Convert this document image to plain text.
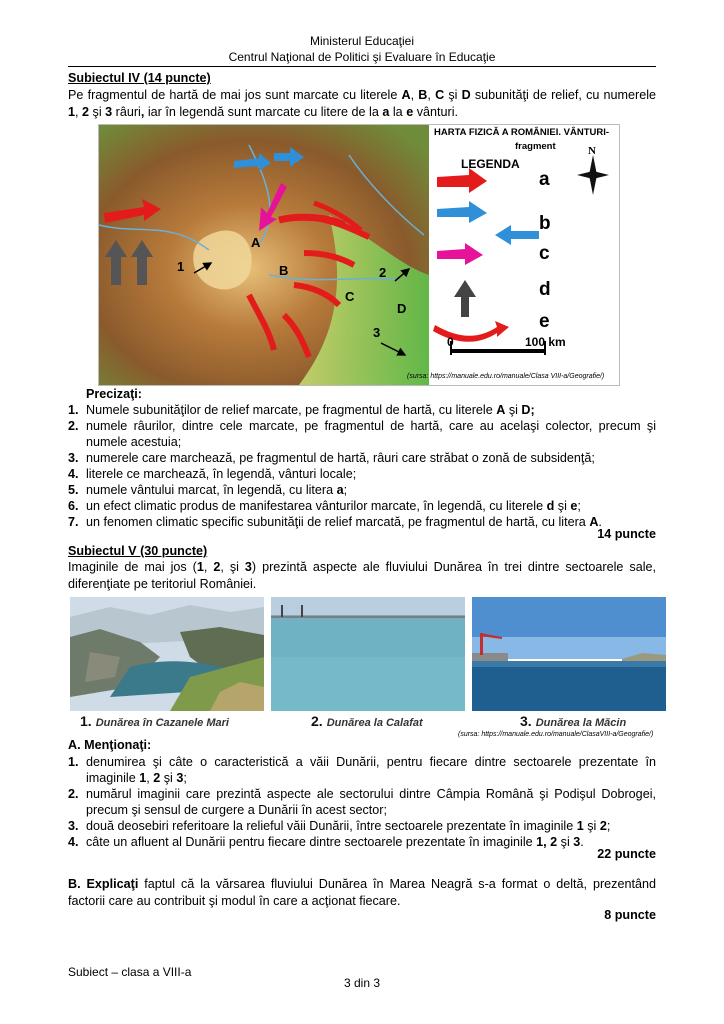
Ministerul Educaţiei
Centrul Naţional de Politici şi Evaluare în Educaţie
Subiectul IV (14 puncte)
Pe fragmentul de hartă de mai jos sunt marcate cu literele A, B, C şi D subunităţi de relief, cu numerele 1, 2 şi 3 râuri, iar în legendă sunt marcate cu litere de la a la e vânturi.
HARTA FIZICĂ A ROMÂNIEI. VÂNTURI-
fragment
LEGENDA
N
a
b
c
d
e
A
B
C
D
1	2
3
0	100 km
(sursa: https://manuale.edu.ro/manuale/Clasa VIII-a/Geografie/)
Precizaţi:
1. Numele subunităţilor de relief marcate, pe fragmentul de hartă, cu literele A şi D;
2. numele râurilor, dintre cele marcate, pe fragmentul de hartă, care au acelaşi colector, precum şi numele acestuia;
3. numerele care marchează, pe fragmentul de hartă, râuri care străbat o zonă de subsidenţă;
4. literele ce marchează, în legendă, vânturi locale;
5. numele vântului marcat, în legendă, cu litera a;
6. un efect climatic produs de manifestarea vânturilor marcate, în legendă, cu literele d şi e;
7. un fenomen climatic specific subunităţii de relief marcată, pe fragmentul de hartă, cu litera A.
14 puncte
Subiectul V (30 puncte)
Imaginile de mai jos (1, 2, şi 3) prezintă aspecte ale fluviului Dunărea în trei dintre sectoarele sale, diferenţiate pe teritoriul României.
1. Dunărea în Cazanele Mari	2. Dunărea la Calafat	3. Dunărea la Măcin
(sursa: https://manuale.edu.ro/manuale/ClasaVIII-a/Geografie/)
A. Menţionaţi:
1. denumirea şi câte o caracteristică a văii Dunării, pentru fiecare dintre sectoarele prezentate în imaginile 1, 2 şi 3;
2. numărul imaginii care prezintă aspecte ale sectorului dintre Câmpia Română şi Podişul Dobrogei, precum şi sensul de curgere a Dunării în acest sector;
3. două deosebiri referitoare la relieful văii Dunării, între sectoarele prezentate în imaginile 1 şi 2;
4. câte un afluent al Dunării pentru fiecare dintre sectoarele prezentate în imaginile 1, 2 şi 3.
22 puncte
B. Explicaţi faptul că la vărsarea fluviului Dunărea în Marea Neagră s-a format o deltă, prezentând factorii care au contribuit şi modul în care a acţionat fiecare.
8 puncte
Subiect – clasa a VIII-a
3 din 3
